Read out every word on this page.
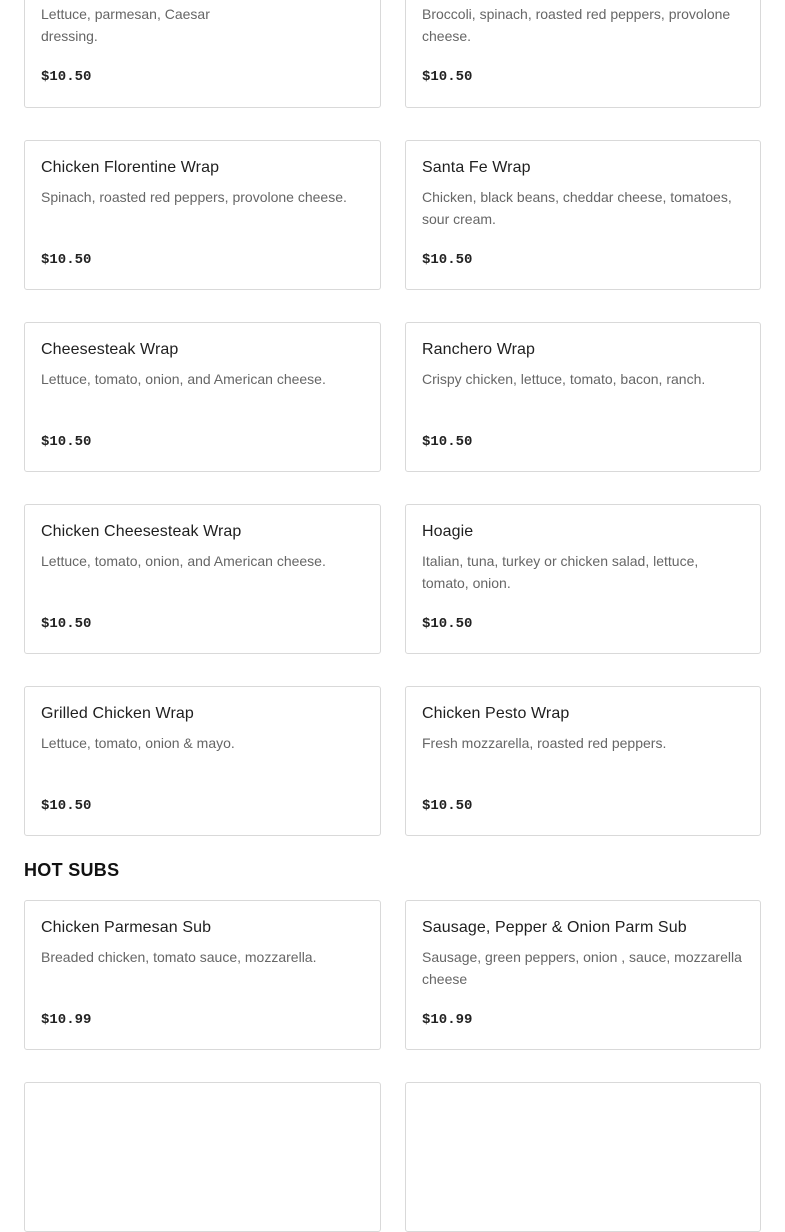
Lettuce, parmesan, Caesar dressing.
$10.50
Broccoli, spinach, roasted red peppers, provolone cheese.
$10.50
Chicken Florentine Wrap
Spinach, roasted red peppers, provolone cheese.
$10.50
Santa Fe Wrap
Chicken, black beans, cheddar cheese, tomatoes, sour cream.
$10.50
Cheesesteak Wrap
Lettuce, tomato, onion, and American cheese.
$10.50
Ranchero Wrap
Crispy chicken, lettuce, tomato, bacon, ranch.
$10.50
Chicken Cheesesteak Wrap
Lettuce, tomato, onion, and American cheese.
$10.50
Hoagie
Italian, tuna, turkey or chicken salad, lettuce, tomato, onion.
$10.50
Grilled Chicken Wrap
Lettuce, tomato, onion & mayo.
$10.50
Chicken Pesto Wrap
Fresh mozzarella, roasted red peppers.
$10.50
HOT SUBS
Chicken Parmesan Sub
Breaded chicken, tomato sauce, mozzarella.
$10.99
Sausage, Pepper & Onion Parm Sub
Sausage, green peppers, onion , sauce, mozzarella cheese
$10.99
